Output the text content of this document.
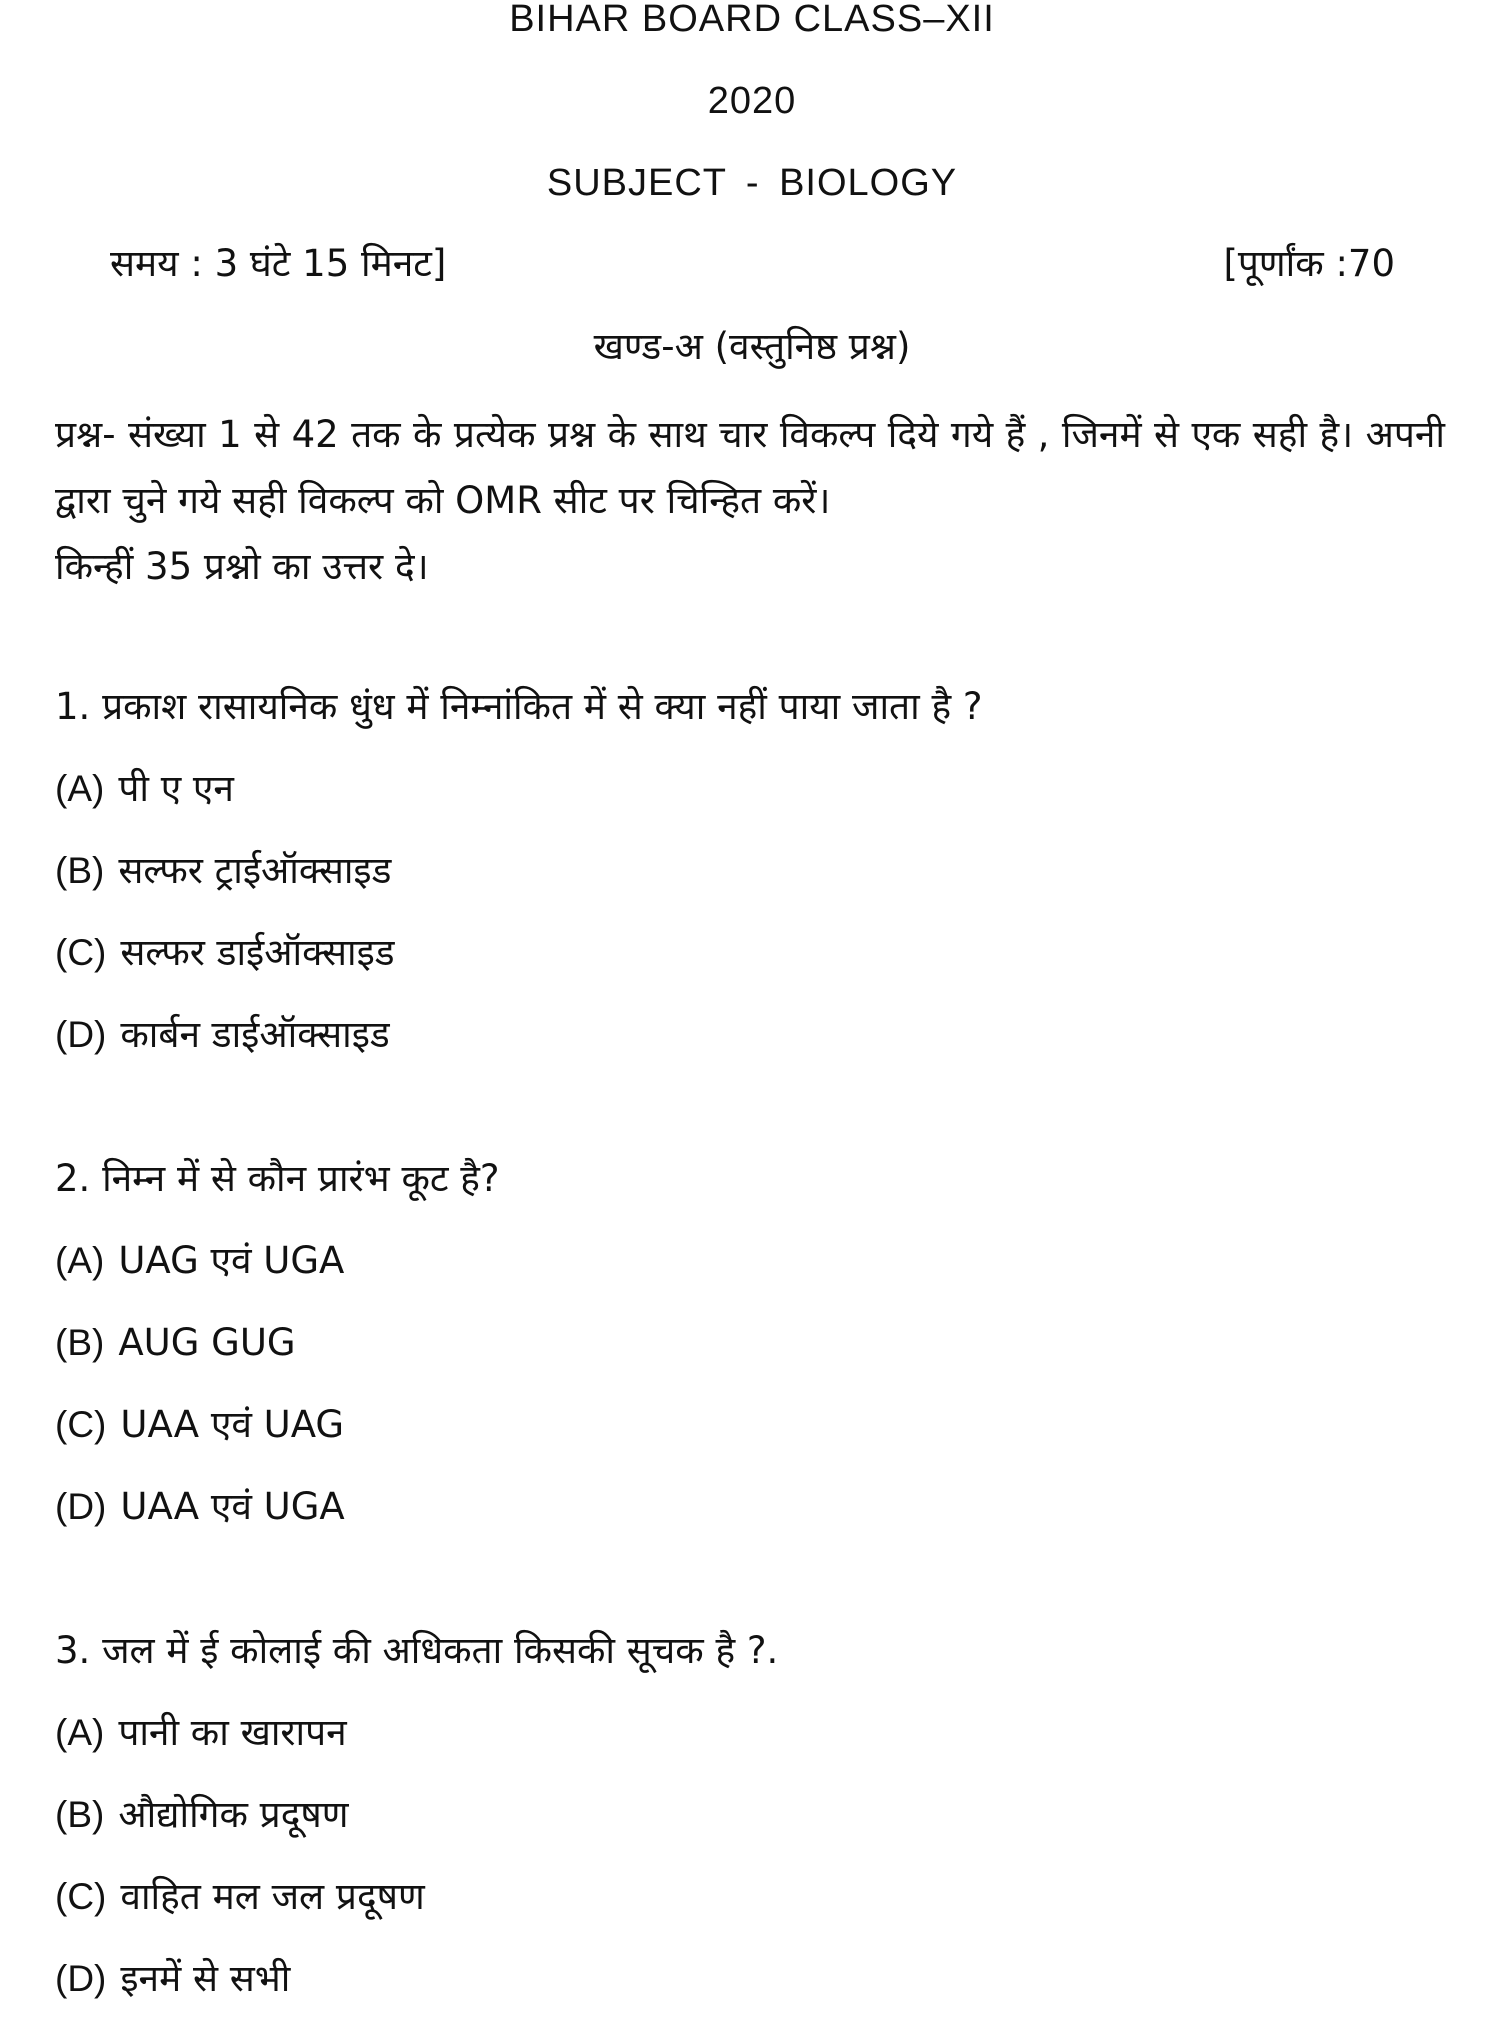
BIHAR BOARD CLASS–XII
2020
SUBJECT - BIOLOGY
समय : 3 घंटे 15 मिनट]	[पूर्णांक :70
खण्ड-अ (वस्तुनिष्ठ प्रश्न)

प्रश्न- संख्या 1 से 42 तक के प्रत्येक प्रश्न के साथ चार विकल्प दिये गये हैं , जिनमें से एक सही है। अपनी द्वारा चुने गये सही विकल्प को OMR सीट पर चिन्हित करें।

किन्हीं 35 प्रश्नो का उत्तर दे।

1. प्रकाश रासायनिक धुंध में निम्नांकित में से क्या नहीं पाया जाता है ?
(A) पी ए एन
(B) सल्फर ट्राईऑक्साइड
(C) सल्फर डाईऑक्साइड
(D) कार्बन डाईऑक्साइड
2. निम्न में से कौन प्रारंभ कूट है?
(A) UAG एवं UGA
(B) AUG GUG
(C) UAA एवं UAG
(D) UAA एवं UGA
3. जल में ई कोलाई की अधिकता किसकी सूचक है ?.
(A) पानी का खारापन
(B) औद्योगिक प्रदूषण
(C) वाहित मल जल प्रदूषण
(D) इनमें से सभी
